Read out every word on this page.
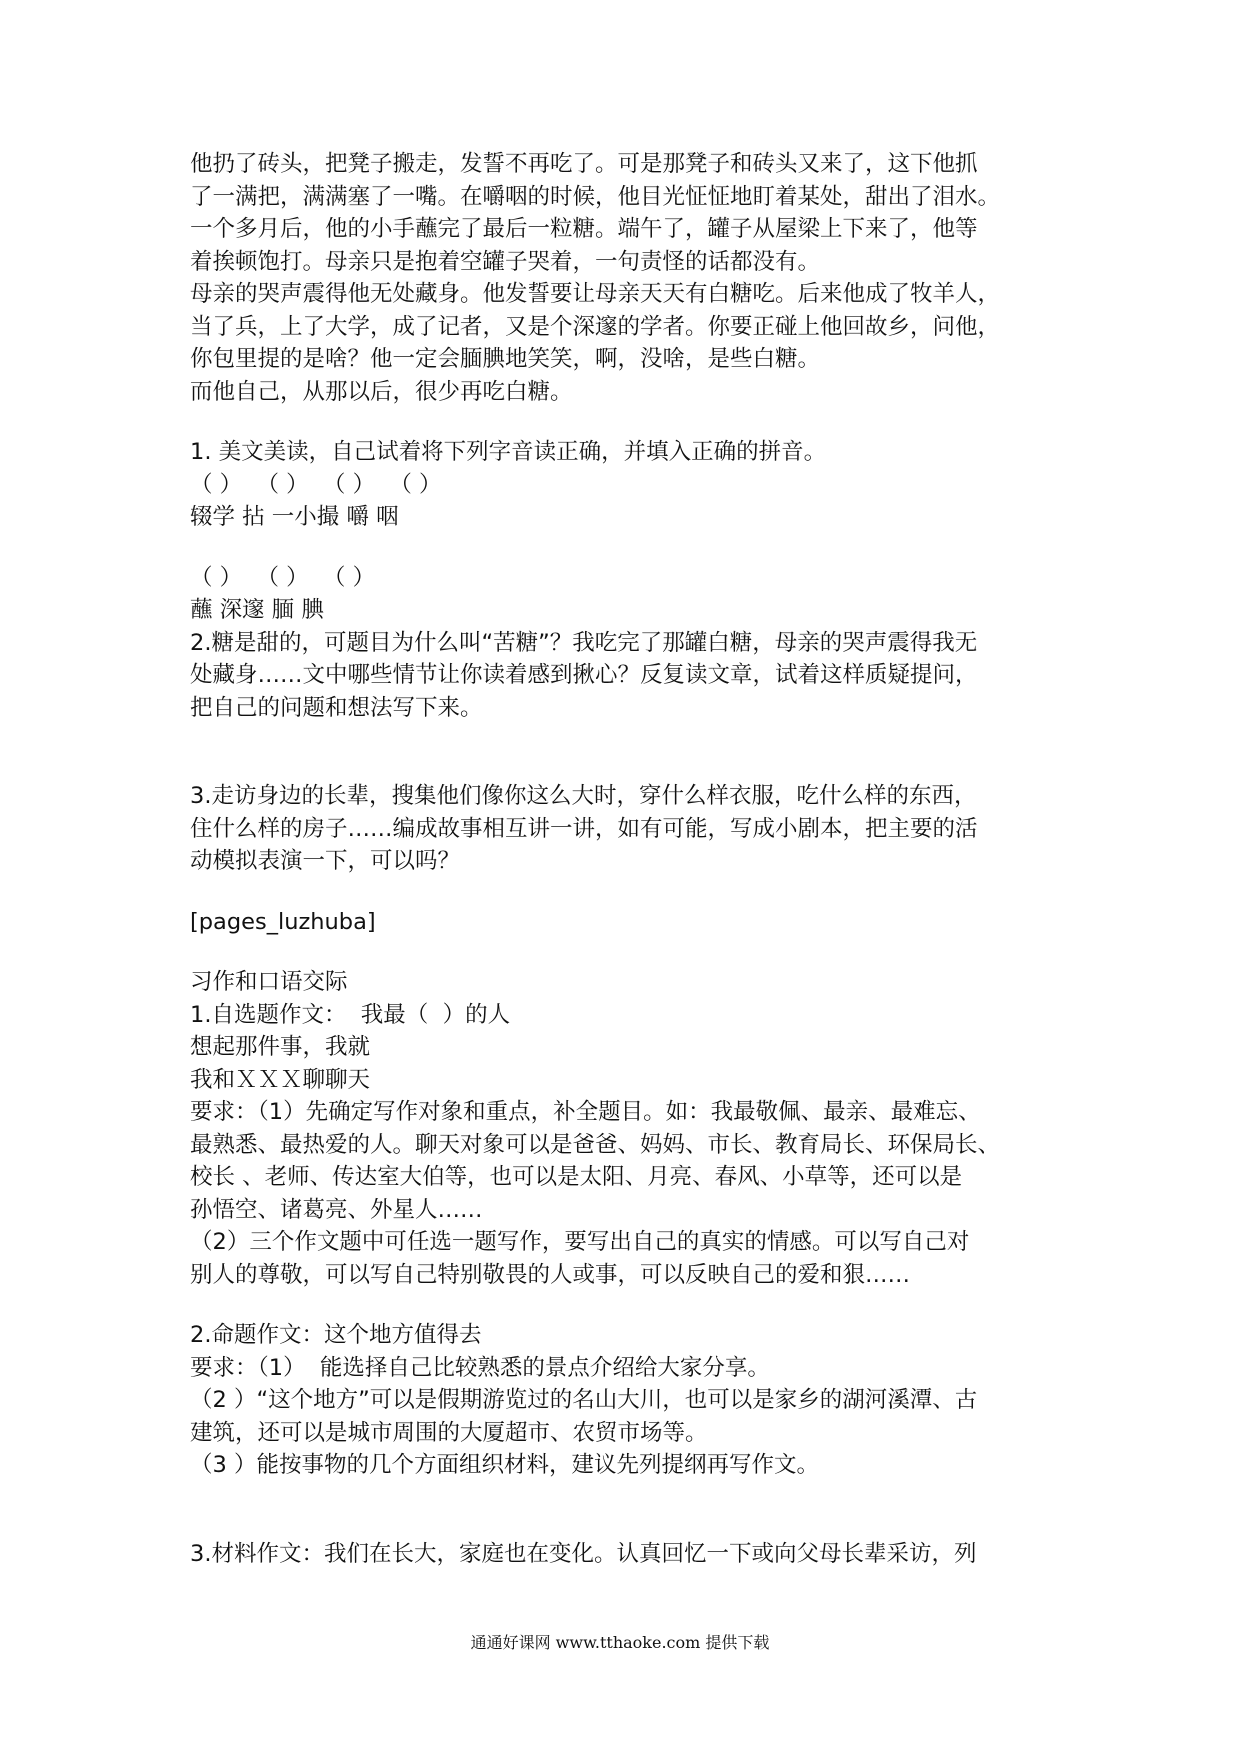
他扔了砖头，把凳子搬走，发誓不再吃了。可是那凳子和砖头又来了，这下他抓

了一满把，满满塞了一嘴。在嚼咽的时候，他目光怔怔地盯着某处，甜出了泪水。

一个多月后，他的小手蘸完了最后一粒糖。端午了，罐子从屋梁上下来了，他等

着挨顿饱打。母亲只是抱着空罐子哭着，一句责怪的话都没有。

母亲的哭声震得他无处藏身。他发誓要让母亲天天有白糖吃。后来他成了牧羊人，

当了兵，上了大学，成了记者，又是个深邃的学者。你要正碰上他回故乡，问他，

你包里提的是啥？他一定会腼腆地笑笑，啊，没啥，是些白糖。

而他自己，从那以后，很少再吃白糖。

1. 美文美读，自己试着将下列字音读正确，并填入正确的拼音。

（ ）  （ ）  （ ）  （ ）

辍学 拈 一小撮 嚼 咽

（ ）  （ ）  （ ）

蘸 深邃 腼 腆

2.糖是甜的，可题目为什么叫“苦糖”？我吃完了那罐白糖，母亲的哭声震得我无

处藏身……文中哪些情节让你读着感到揪心？反复读文章，试着这样质疑提问，

把自己的问题和想法写下来。

3.走访身边的长辈，搜集他们像你这么大时，穿什么样衣服，吃什么样的东西，

住什么样的房子……编成故事相互讲一讲，如有可能，写成小剧本，把主要的活

动模拟表演一下，可以吗？

[pages_luzhuba]

习作和口语交际

1.自选题作文：  我最（  ）的人

想起那件事，我就

我和ＸＸＸ聊聊天

要求：（1）先确定写作对象和重点，补全题目。如：我最敬佩、最亲、最难忘、

最熟悉、最热爱的人。聊天对象可以是爸爸、妈妈、市长、教育局长、环保局长、

校长 、老师、传达室大伯等，也可以是太阳、月亮、春风、小草等，还可以是

孙悟空、诸葛亮、外星人……

（2）三个作文题中可任选一题写作，要写出自己的真实的情感。可以写自己对

别人的尊敬，可以写自己特别敬畏的人或事，可以反映自己的爱和狠……

2.命题作文：这个地方值得去

要求：（1）  能选择自己比较熟悉的景点介绍给大家分享。

（2 ）“这个地方”可以是假期游览过的名山大川，也可以是家乡的湖河溪潭、古

建筑，还可以是城市周围的大厦超市、农贸市场等。

（3 ）能按事物的几个方面组织材料，建议先列提纲再写作文。

3.材料作文：我们在长大，家庭也在变化。认真回忆一下或向父母长辈采访，列

通通好课网 www.tthaoke.com 提供下载
